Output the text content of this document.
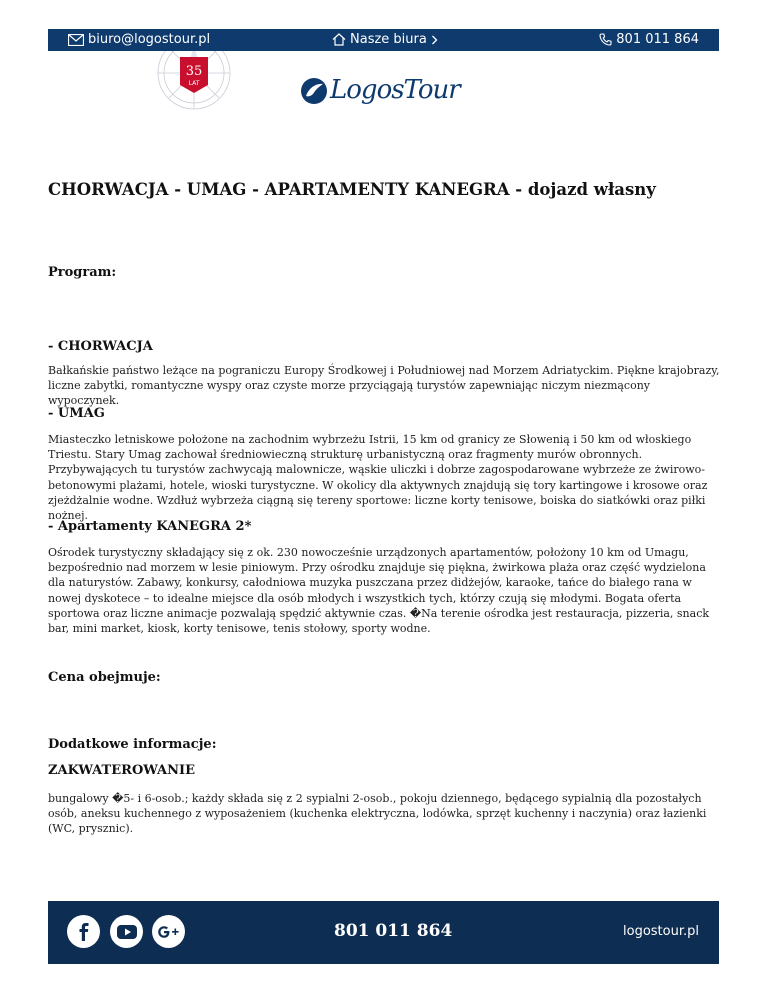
biuro@logostour.pl	Nasze biura	801 011 864
35
LAT	LogosTour
CHORWACJA - UMAG - APARTAMENTY KANEGRA - dojazd własny
Program:
- CHORWACJA

Bałkańskie państwo leżące na pograniczu Europy Środkowej i Południowej nad Morzem Adriatyckim. Piękne krajobrazy, liczne zabytki, romantyczne wyspy oraz czyste morze przyciągają turystów zapewniając niczym niezmącony wypoczynek.

- UMAG

Miasteczko letniskowe położone na zachodnim wybrzeżu Istrii, 15 km od granicy ze Słowenią i 50 km od włoskiego Triestu. Stary Umag zachował średniowieczną strukturę urbanistyczną oraz fragmenty murów obronnych. Przybywających tu turystów zachwycają malownicze, wąskie uliczki i dobrze zagospodarowane wybrzeże ze żwirowo-betonowymi plażami, hotele, wioski turystyczne. W okolicy dla aktywnych znajdują się tory kartingowe i krosowe oraz zjeżdżalnie wodne. Wzdłuż wybrzeża ciągną się tereny sportowe: liczne korty tenisowe, boiska do siatkówki oraz piłki nożnej.

- Apartamenty KANEGRA 2*

Ośrodek turystyczny składający się z ok. 230 nowocześnie urządzonych apartamentów, położony 10 km od Umagu, bezpośrednio nad morzem w lesie piniowym. Przy ośrodku znajduje się piękna, żwirkowa plaża oraz część wydzielona dla naturystów. Zabawy, konkursy, całodniowa muzyka puszczana przez didżejów, karaoke, tańce do białego rana w nowej dyskotece – to idealne miejsce dla osób młodych i wszystkich tych, którzy czują się młodymi. Bogata oferta sportowa oraz liczne animacje pozwalają spędzić aktywnie czas. �Na terenie ośrodka jest restauracja, pizzeria, snack bar, mini market, kiosk, korty tenisowe, tenis stołowy, sporty wodne.

Cena obejmuje:
Dodatkowe informacje:
ZAKWATEROWANIE

bungalowy �5- i 6-osob.; każdy składa się z 2 sypialni 2-osob., pokoju dziennego, będącego sypialnią dla pozostałych osób, aneksu kuchennego z wyposażeniem (kuchenka elektryczna, lodówka, sprzęt kuchenny i naczynia) oraz łazienki (WC, prysznic).

801 011 864	logostour.pl
